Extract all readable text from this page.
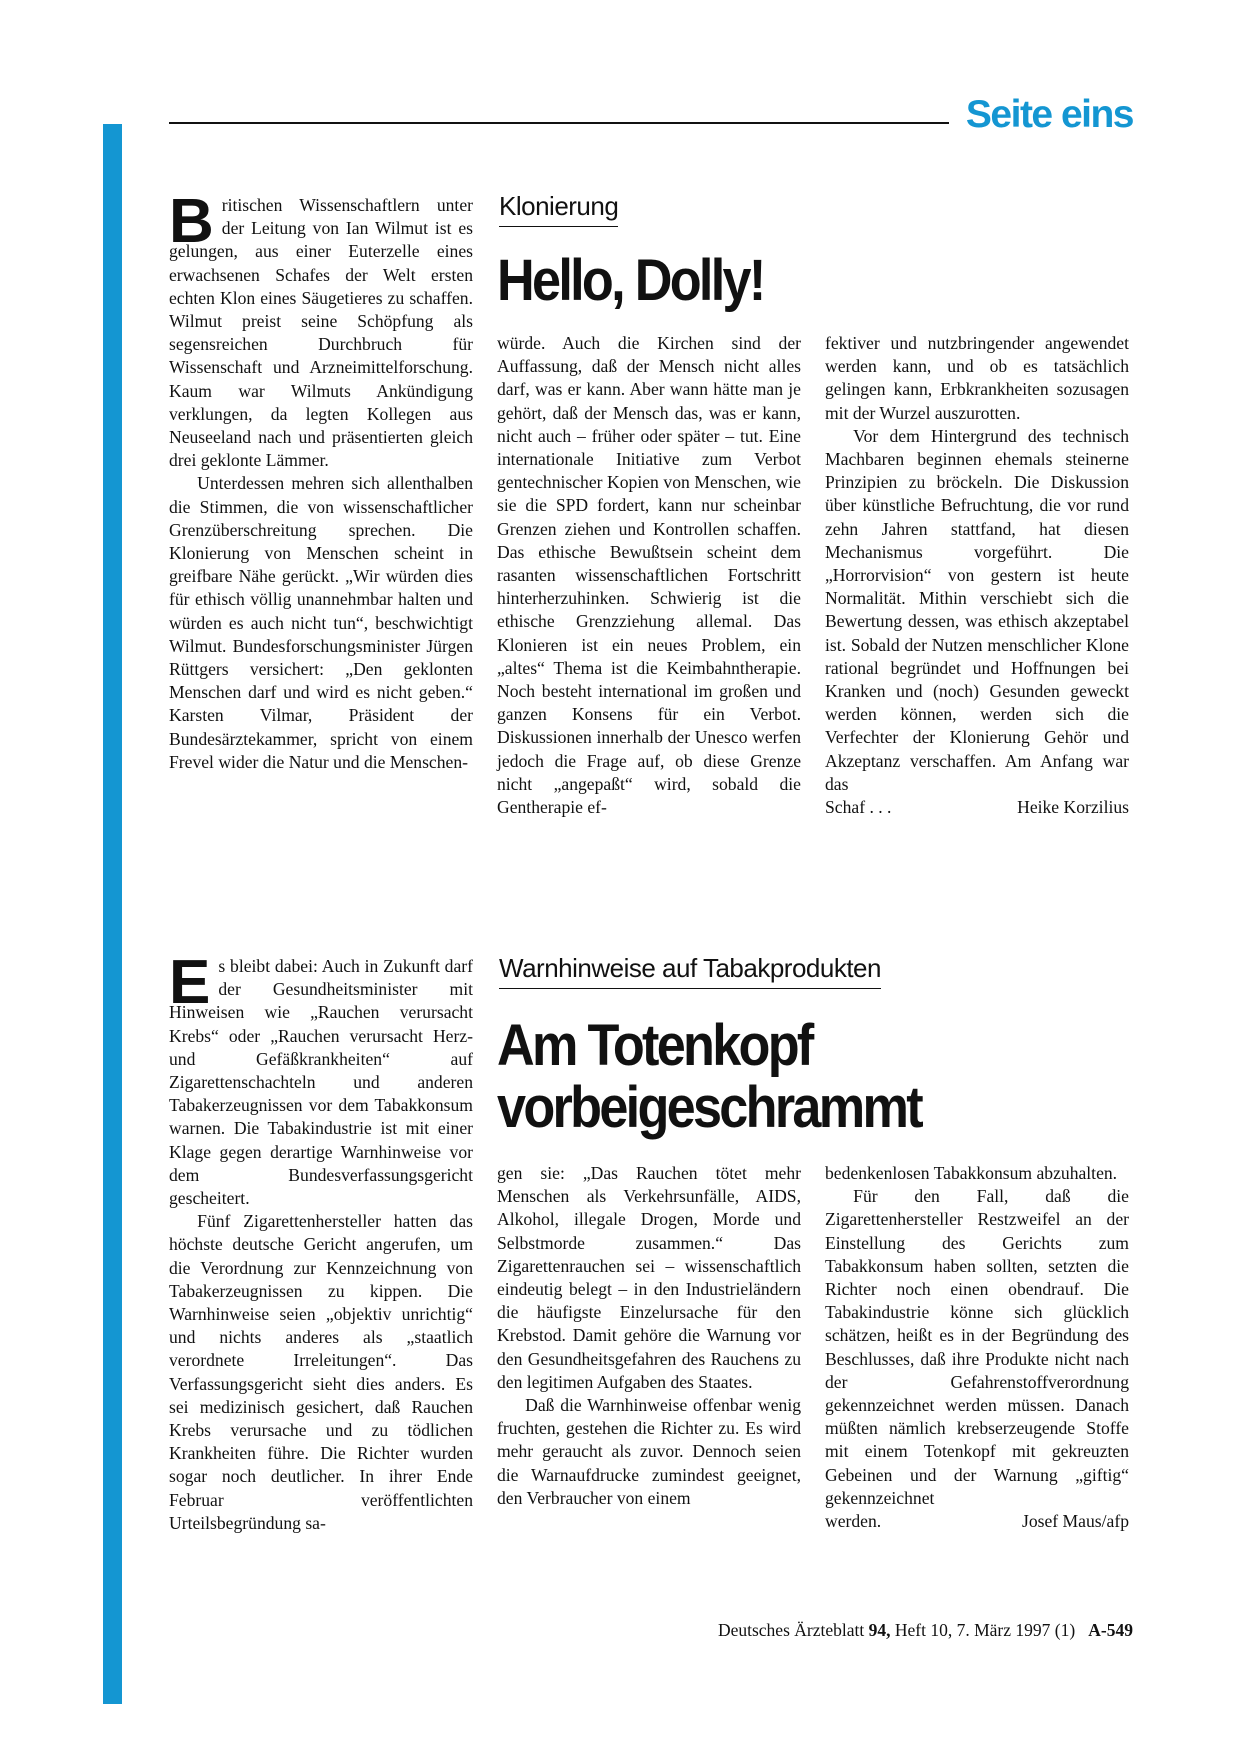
Seite eins
Klonierung
Hello, Dolly!

Britischen Wissenschaftlern unter der Leitung von Ian Wilmut ist es gelungen, aus einer Euterzelle eines erwachsenen Schafes der Welt ersten echten Klon eines Säugetieres zu schaffen. Wilmut preist seine Schöpfung als segensreichen Durchbruch für Wissenschaft und Arzneimittelforschung. Kaum war Wilmuts Ankündigung verklungen, da legten Kollegen aus Neuseeland nach und präsentierten gleich drei geklonte Lämmer.

Unterdessen mehren sich allenthalben die Stimmen, die von wissenschaftlicher Grenzüberschreitung sprechen. Die Klonierung von Menschen scheint in greifbare Nähe gerückt. „Wir würden dies für ethisch völlig unannehmbar halten und würden es auch nicht tun“, beschwichtigt Wilmut. Bundesforschungsminister Jürgen Rüttgers versichert: „Den geklonten Menschen darf und wird es nicht geben.“ Karsten Vilmar, Präsident der Bundesärztekammer, spricht von einem Frevel wider die Natur und die Menschen-

würde. Auch die Kirchen sind der Auffassung, daß der Mensch nicht alles darf, was er kann. Aber wann hätte man je gehört, daß der Mensch das, was er kann, nicht auch – früher oder später – tut. Eine internationale Initiative zum Verbot gentechnischer Kopien von Menschen, wie sie die SPD fordert, kann nur scheinbar Grenzen ziehen und Kontrollen schaffen. Das ethische Bewußtsein scheint dem rasanten wissenschaftlichen Fortschritt hinterherzuhinken. Schwierig ist die ethische Grenzziehung allemal. Das Klonieren ist ein neues Problem, ein „altes“ Thema ist die Keimbahntherapie. Noch besteht international im großen und ganzen Konsens für ein Verbot. Diskussionen innerhalb der Unesco werfen jedoch die Frage auf, ob diese Grenze nicht „angepaßt“ wird, sobald die Gentherapie ef-

fektiver und nutzbringender angewendet werden kann, und ob es tatsächlich gelingen kann, Erbkrankheiten sozusagen mit der Wurzel auszurotten.

Vor dem Hintergrund des technisch Machbaren beginnen ehemals steinerne Prinzipien zu bröckeln. Die Diskussion über künstliche Befruchtung, die vor rund zehn Jahren stattfand, hat diesen Mechanismus vorgeführt. Die „Horrorvision“ von gestern ist heute Normalität. Mithin verschiebt sich die Bewertung dessen, was ethisch akzeptabel ist. Sobald der Nutzen menschlicher Klone rational begründet und Hoffnungen bei Kranken und (noch) Gesunden geweckt werden können, werden sich die Verfechter der Klonierung Gehör und Akzeptanz verschaffen. Am Anfang war das

Schaf . . .	Heike Korzilius

Warnhinweise auf Tabakprodukten
Am Totenkopf
vorbeigeschrammt

Es bleibt dabei: Auch in Zukunft darf der Gesundheitsminister mit Hinweisen wie „Rauchen verursacht Krebs“ oder „Rauchen verursacht Herz- und Gefäßkrankheiten“ auf Zigarettenschachteln und anderen Tabakerzeugnissen vor dem Tabakkonsum warnen. Die Tabakindustrie ist mit einer Klage gegen derartige Warnhinweise vor dem Bundesverfassungsgericht gescheitert.

Fünf Zigarettenhersteller hatten das höchste deutsche Gericht angerufen, um die Verordnung zur Kennzeichnung von Tabakerzeugnissen zu kippen. Die Warnhinweise seien „objektiv unrichtig“ und nichts anderes als „staatlich verordnete Irreleitungen“. Das Verfassungsgericht sieht dies anders. Es sei medizinisch gesichert, daß Rauchen Krebs verursache und zu tödlichen Krankheiten führe. Die Richter wurden sogar noch deutlicher. In ihrer Ende Februar veröffentlichten Urteilsbegründung sa-

gen sie: „Das Rauchen tötet mehr Menschen als Verkehrsunfälle, AIDS, Alkohol, illegale Drogen, Morde und Selbstmorde zusammen.“ Das Zigarettenrauchen sei – wissenschaftlich eindeutig belegt – in den Industrieländern die häufigste Einzelursache für den Krebstod. Damit gehöre die Warnung vor den Gesundheitsgefahren des Rauchens zu den legitimen Aufgaben des Staates.

Daß die Warnhinweise offenbar wenig fruchten, gestehen die Richter zu. Es wird mehr geraucht als zuvor. Dennoch seien die Warnaufdrucke zumindest geeignet, den Verbraucher von einem

bedenkenlosen Tabakkonsum abzuhalten.

Für den Fall, daß die Zigarettenhersteller Restzweifel an der Einstellung des Gerichts zum Tabakkonsum haben sollten, setzten die Richter noch einen obendrauf. Die Tabakindustrie könne sich glücklich schätzen, heißt es in der Begründung des Beschlusses, daß ihre Produkte nicht nach der Gefahrenstoffverordnung gekennzeichnet werden müssen. Danach müßten nämlich krebserzeugende Stoffe mit einem Totenkopf mit gekreuzten Gebeinen und der Warnung „giftig“ gekennzeichnet

werden.	Josef Maus/afp

Deutsches Ärzteblatt 94, Heft 10, 7. März 1997 (1) A-549
